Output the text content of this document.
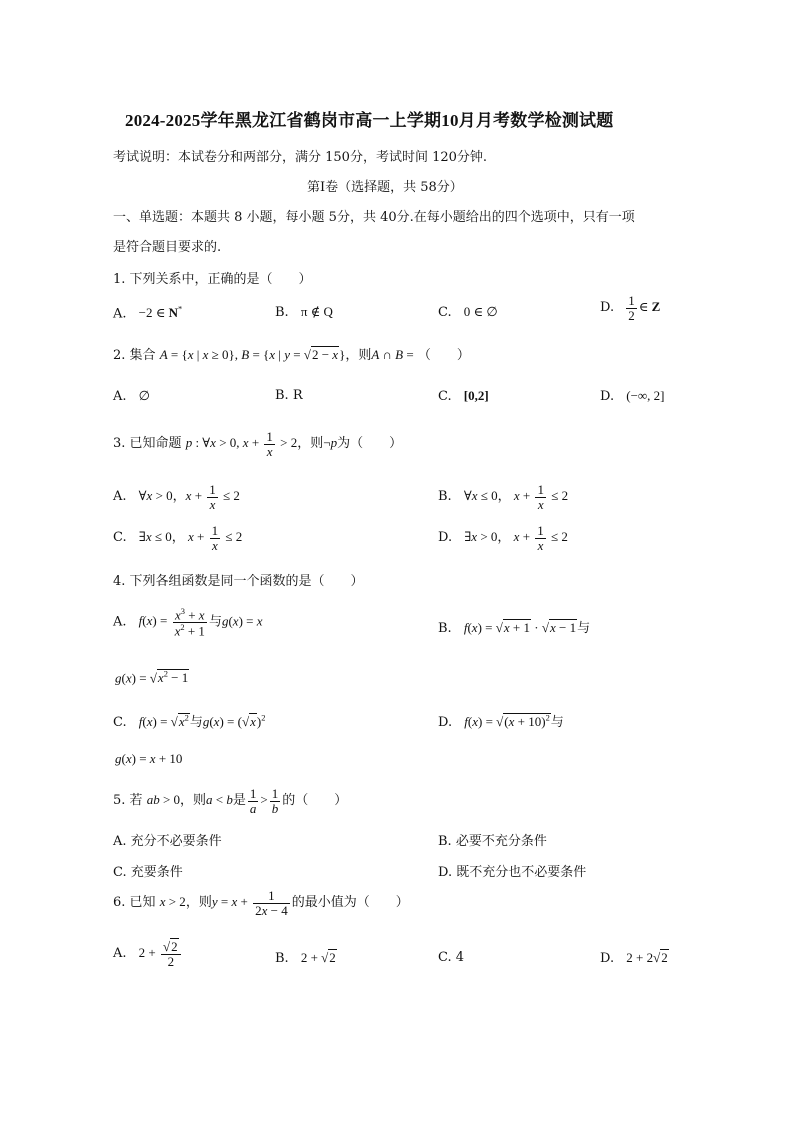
2024-2025学年黑龙江省鹤岗市高一上学期10月月考数学检测试题
考试说明：本试卷分和两部分，满分 150分，考试时间 120分钟.
第Ⅰ卷（选择题，共 58分）
一、单选题：本题共 8 小题，每小题 5分，共 40分.在每小题给出的四个选项中，只有一项
是符合题目要求的.
1. 下列关系中，正确的是（　　）
A. −2 ∈ N*	B. π ∉ Q	C. 0 ∈ ∅	D. $\frac{1}{2}$ ∈ Z
2. 集合 A = {x | x ≥ 0}, B = {x | y = √2 − x}，则A ∩ B = （　　）
A. ∅	B. R	C. [0,2]	D. (−∞, 2]
3. 已知命题 p : ∀x > 0, $x + \frac{1}{x} > 2$，则¬p为（　　）
A. ∀x > 0，$x + \frac{1}{x} \le 2$	B. ∀x ≤ 0， $x + \frac{1}{x} \le 2$
C. ∃x ≤ 0， $x + \frac{1}{x} \le 2$	D. ∃x > 0， $x + \frac{1}{x} \le 2$
4. 下列各组函数是同一个函数的是（　　）
A. $f(x) = \frac{x^3 + x}{x^2 + 1}$ 与g(x) = x
B. f(x) = √x + 1 · √x − 1与
$g(x) = √x^2 - 1$
C. $f(x) = √x^2$与$g(x) = (√x)^2$	D. $f(x) = √(x + 10)^2$与
g(x) = x + 10
5. 若 ab > 0，则a < b是 $\frac{1}{a} > \frac{1}{b}$ 的（　　）
A. 充分不必要条件	B. 必要不充分条件
C. 充要条件	D. 既不充分也不必要条件
6. 已知 x > 2，则$y = x + \frac{1}{2x - 4}$ 的最小值为（　　）
A. $2 + \frac{√2}{2}$	B. 2 + √2	C. 4	D. 2 + 2√2
